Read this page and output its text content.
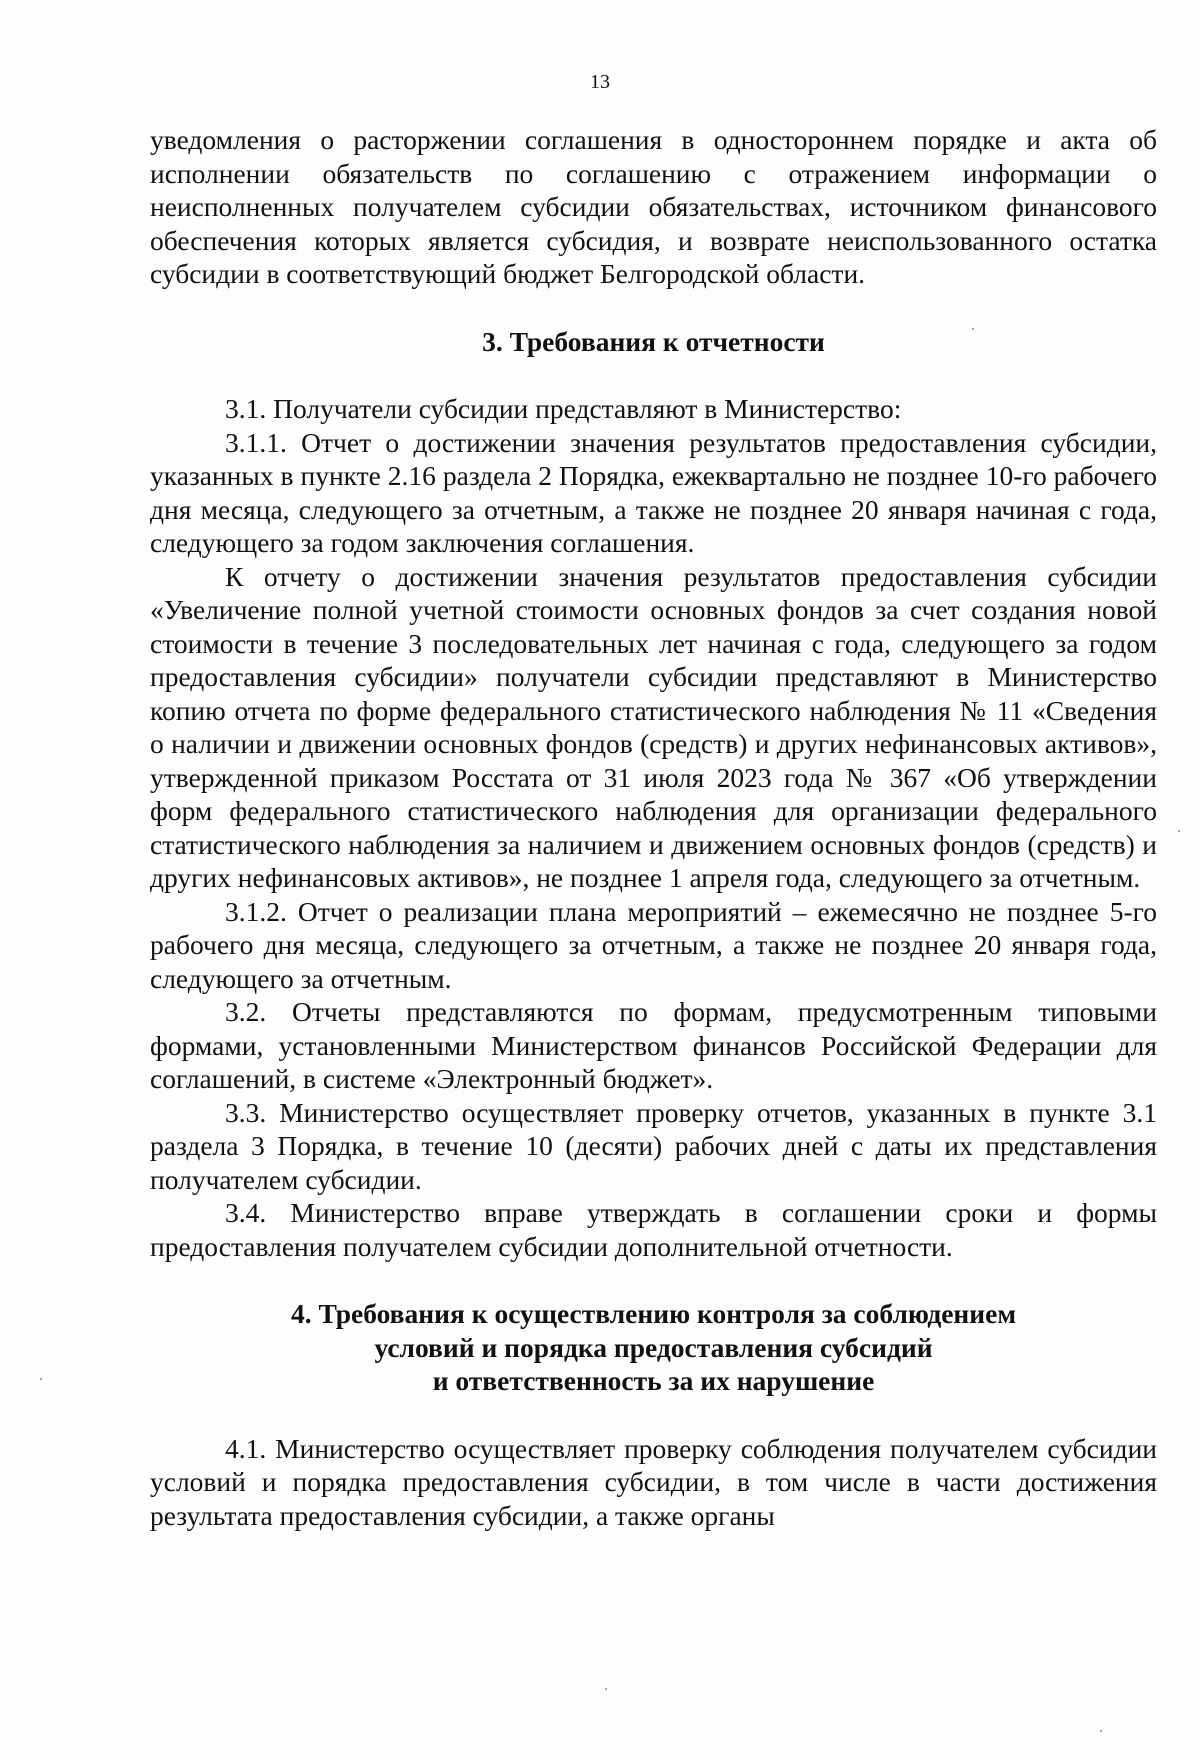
13

уведомления о расторжении соглашения в одностороннем порядке и акта об исполнении обязательств по соглашению с отражением информации о неисполненных получателем субсидии обязательствах, источником финансового обеспечения которых является субсидия, и возврате неиспользованного остатка субсидии в соответствующий бюджет Белгородской области.

3. Требования к отчетности

3.1. Получатели субсидии представляют в Министерство:

3.1.1. Отчет о достижении значения результатов предоставления субсидии, указанных в пункте 2.16 раздела 2 Порядка, ежеквартально не позднее 10-го рабочего дня месяца, следующего за отчетным, а также не позднее 20 января начиная с года, следующего за годом заключения соглашения.

К отчету о достижении значения результатов предоставления субсидии «Увеличение полной учетной стоимости основных фондов за счет создания новой стоимости в течение 3 последовательных лет начиная с года, следующего за годом предоставления субсидии» получатели субсидии представляют в Министерство копию отчета по форме федерального статистического наблюдения № 11 «Сведения о наличии и движении основных фондов (средств) и других нефинансовых активов», утвержденной приказом Росстата от 31 июля 2023 года № 367 «Об утверждении форм федерального статистического наблюдения для организации федерального статистического наблюдения за наличием и движением основных фондов (средств) и других нефинансовых активов», не позднее 1 апреля года, следующего за отчетным.

3.1.2. Отчет о реализации плана мероприятий – ежемесячно не позднее 5-го рабочего дня месяца, следующего за отчетным, а также не позднее 20 января года, следующего за отчетным.

3.2. Отчеты представляются по формам, предусмотренным типовыми формами, установленными Министерством финансов Российской Федерации для соглашений, в системе «Электронный бюджет».

3.3. Министерство осуществляет проверку отчетов, указанных в пункте 3.1 раздела 3 Порядка, в течение 10 (десяти) рабочих дней с даты их представления получателем субсидии.

3.4. Министерство вправе утверждать в соглашении сроки и формы предоставления получателем субсидии дополнительной отчетности.

4. Требования к осуществлению контроля за соблюдением
условий и порядка предоставления субсидий
и ответственность за их нарушение

4.1. Министерство осуществляет проверку соблюдения получателем субсидии условий и порядка предоставления субсидии, в том числе в части достижения результата предоставления субсидии, а также органы
